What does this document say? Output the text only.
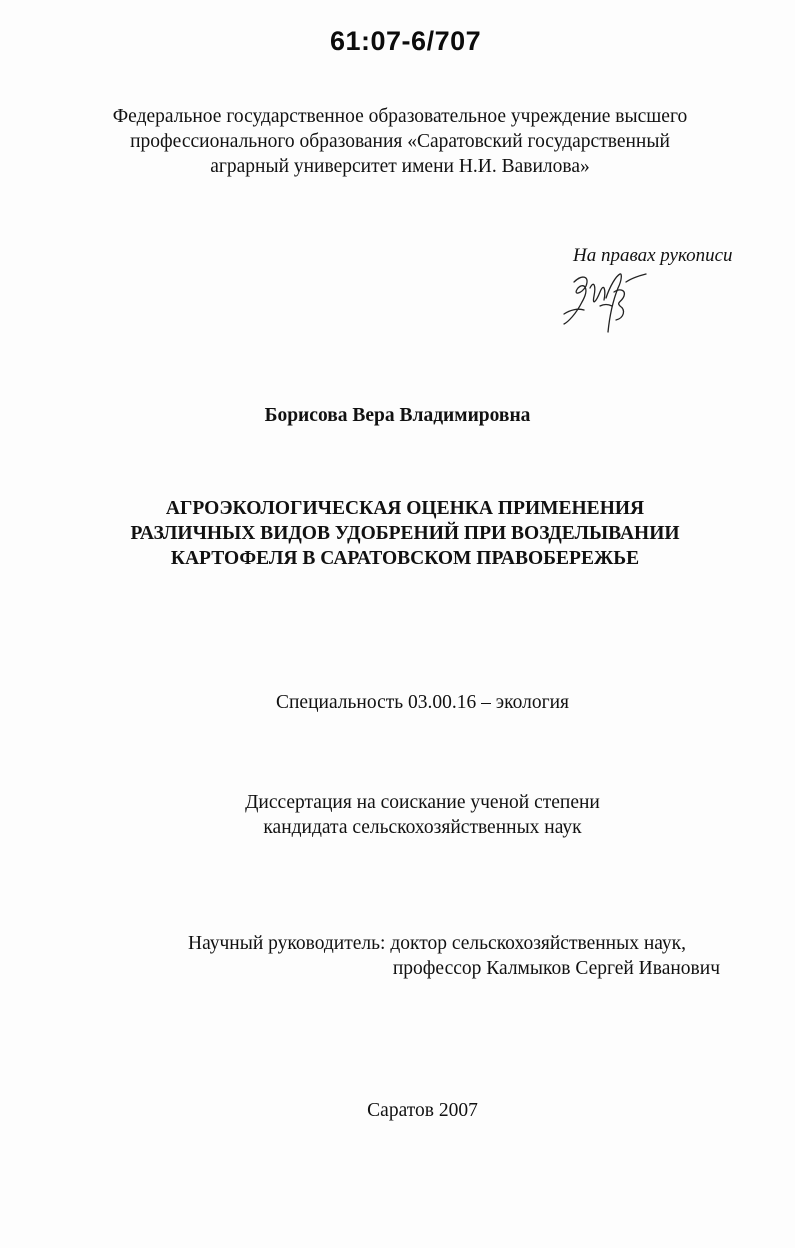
61:07-6/707
Федеральное государственное образовательное учреждение высшего
профессионального образования «Саратовский государственный
аграрный университет имени Н.И. Вавилова»
На правах рукописи
Борисова Вера Владимировна
АГРОЭКОЛОГИЧЕСКАЯ ОЦЕНКА ПРИМЕНЕНИЯ
РАЗЛИЧНЫХ ВИДОВ УДОБРЕНИЙ ПРИ ВОЗДЕЛЫВАНИИ
КАРТОФЕЛЯ В САРАТОВСКОМ ПРАВОБЕРЕЖЬЕ
Специальность 03.00.16 – экология
Диссертация на соискание ученой степени
кандидата сельскохозяйственных наук
Научный руководитель: доктор сельскохозяйственных наук,
профессор Калмыков Сергей Иванович
Саратов 2007
